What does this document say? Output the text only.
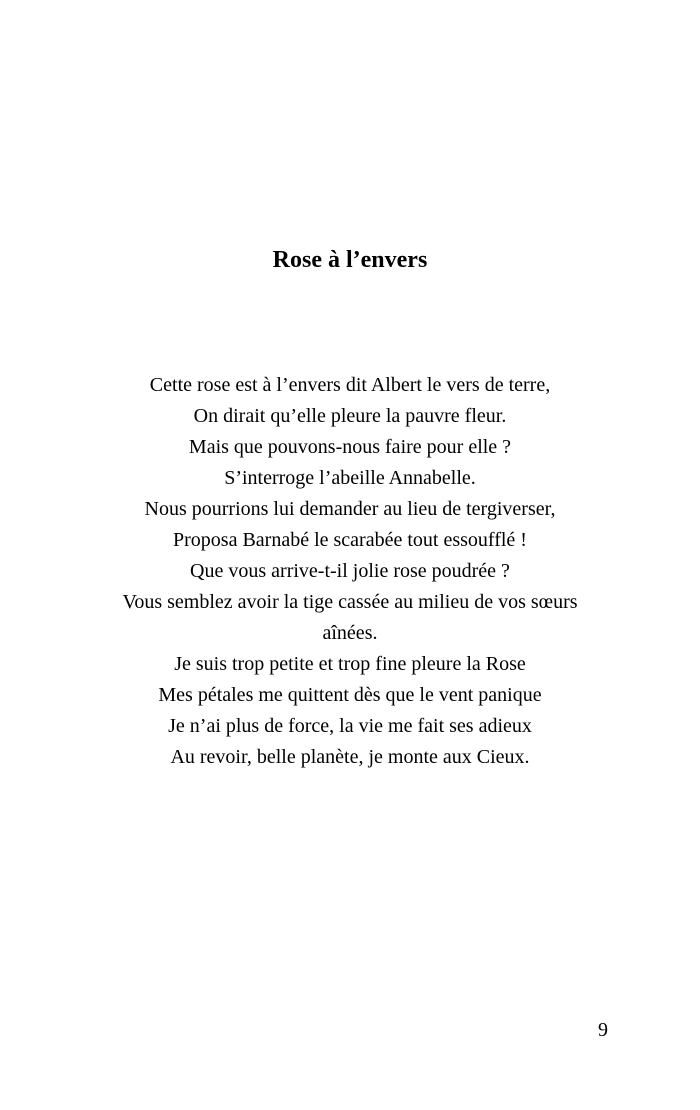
Rose à l’envers
Cette rose est à l’envers dit Albert le vers de terre,
On dirait qu’elle pleure la pauvre fleur.
Mais que pouvons-nous faire pour elle ?
S’interroge l’abeille Annabelle.
Nous pourrions lui demander au lieu de tergiverser,
Proposa Barnabé le scarabée tout essoufflé !
Que vous arrive-t-il jolie rose poudrée ?
Vous semblez avoir la tige cassée au milieu de vos sœurs
aînées.
Je suis trop petite et trop fine pleure la Rose
Mes pétales me quittent dès que le vent panique
Je n’ai plus de force, la vie me fait ses adieux
Au revoir, belle planète, je monte aux Cieux.
9
